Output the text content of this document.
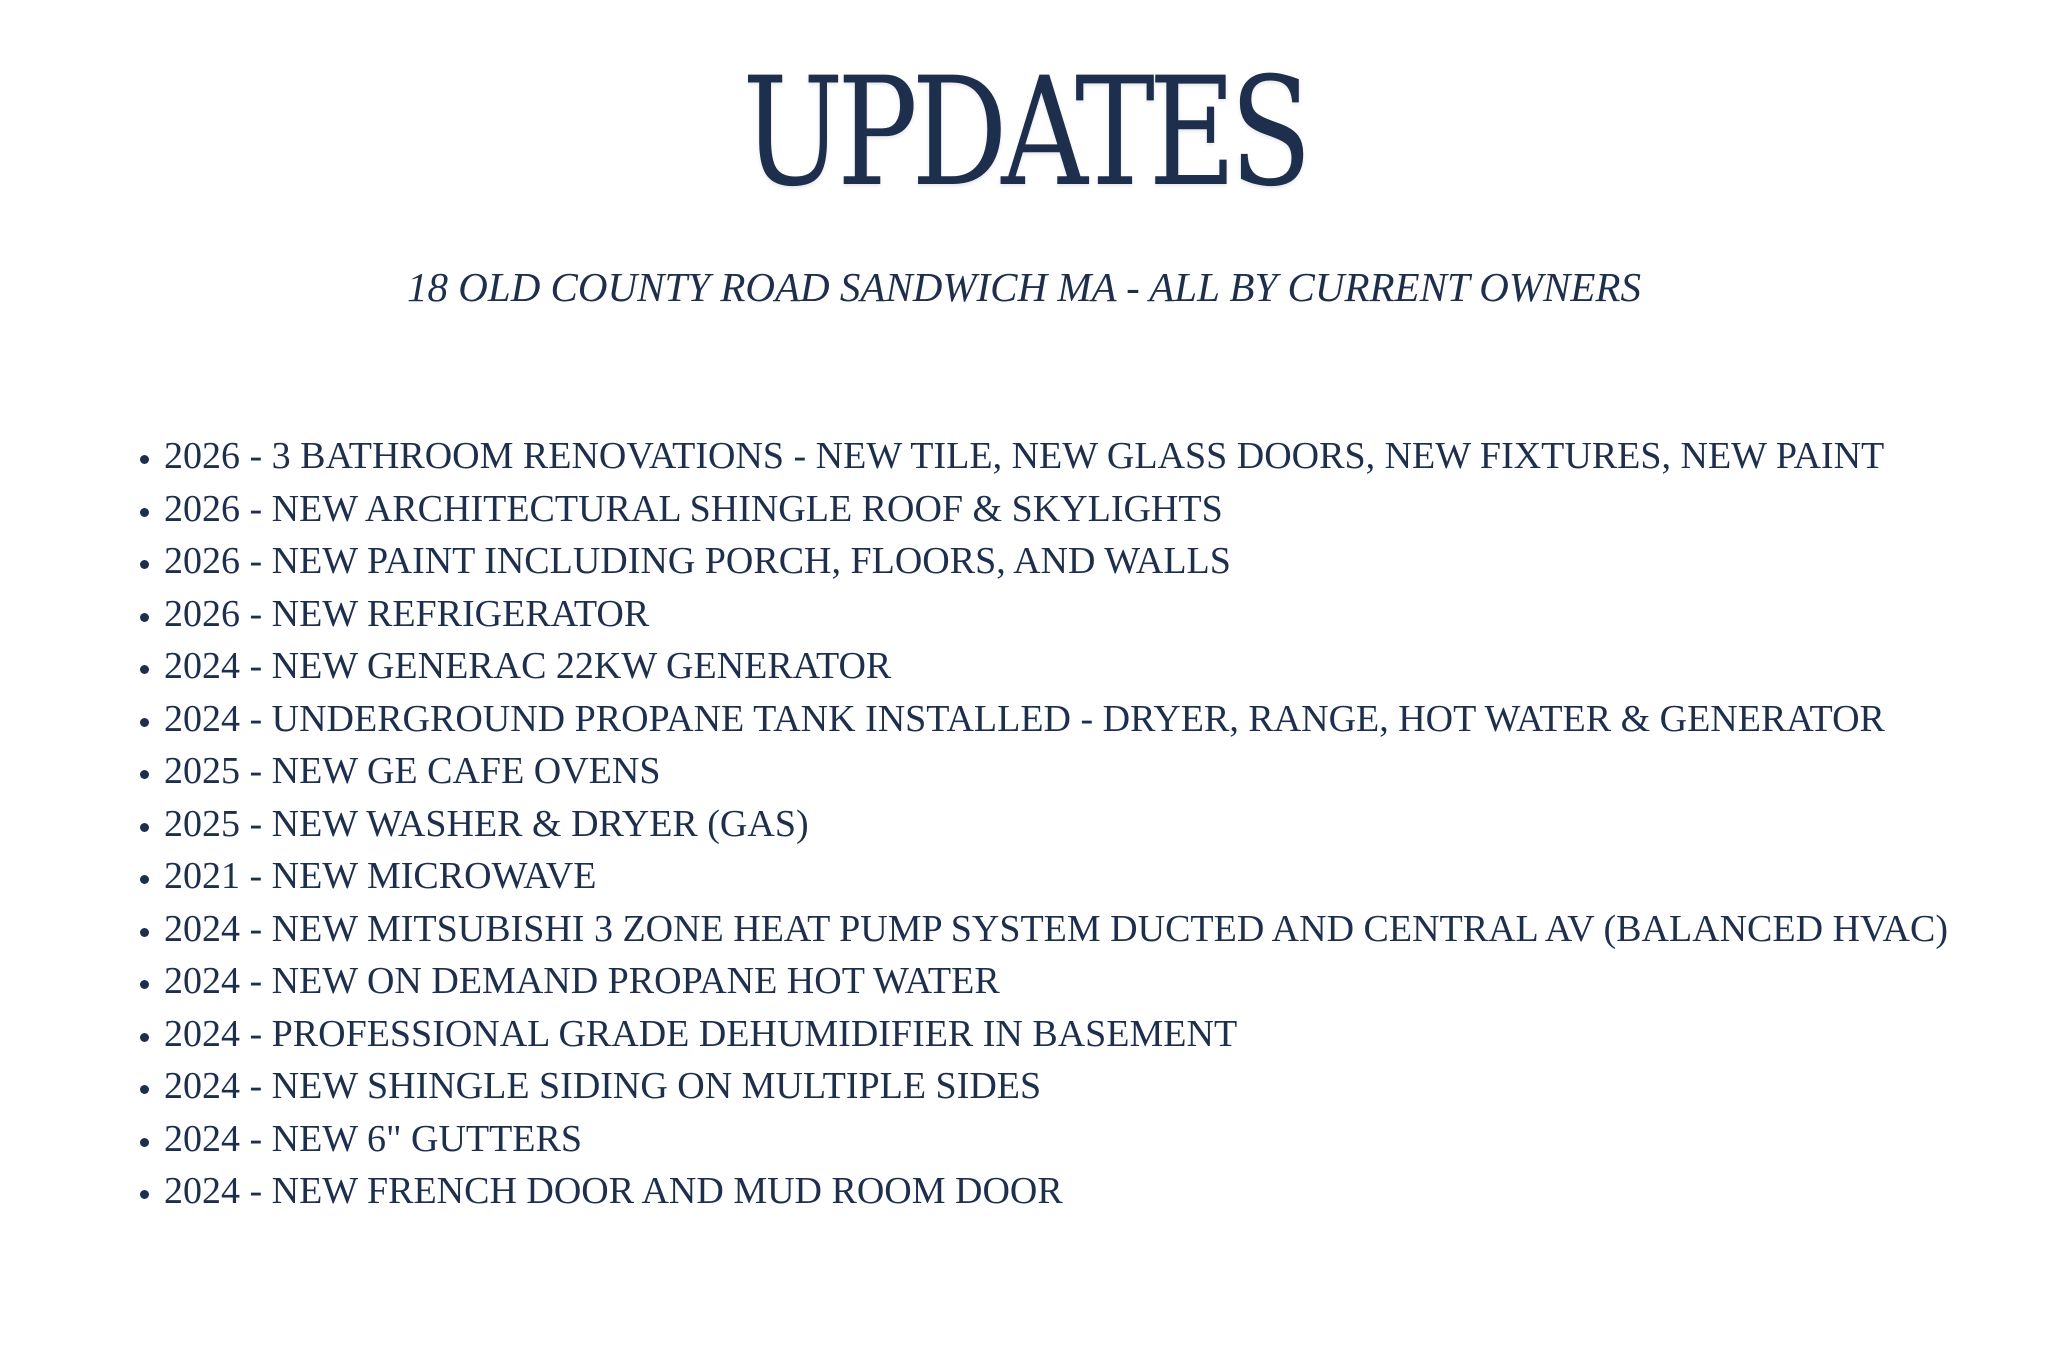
UPDATES

18 OLD COUNTY ROAD SANDWICH MA - ALL BY CURRENT OWNERS

• 2026 - 3 BATHROOM RENOVATIONS - NEW TILE, NEW GLASS DOORS, NEW FIXTURES, NEW PAINT
• 2026 - NEW ARCHITECTURAL SHINGLE ROOF & SKYLIGHTS
• 2026 - NEW PAINT INCLUDING PORCH, FLOORS, AND WALLS
• 2026 - NEW REFRIGERATOR
• 2024 - NEW GENERAC 22KW GENERATOR
• 2024 - UNDERGROUND PROPANE TANK INSTALLED - DRYER, RANGE, HOT WATER & GENERATOR
• 2025 - NEW GE CAFE OVENS
• 2025 - NEW WASHER & DRYER (GAS)
• 2021 - NEW MICROWAVE
• 2024 - NEW MITSUBISHI 3 ZONE HEAT PUMP SYSTEM DUCTED AND CENTRAL AV (BALANCED HVAC)
• 2024 - NEW ON DEMAND PROPANE HOT WATER
• 2024 - PROFESSIONAL GRADE DEHUMIDIFIER IN BASEMENT
• 2024 - NEW SHINGLE SIDING ON MULTIPLE SIDES
• 2024 - NEW 6" GUTTERS
• 2024 - NEW FRENCH DOOR AND MUD ROOM DOOR
